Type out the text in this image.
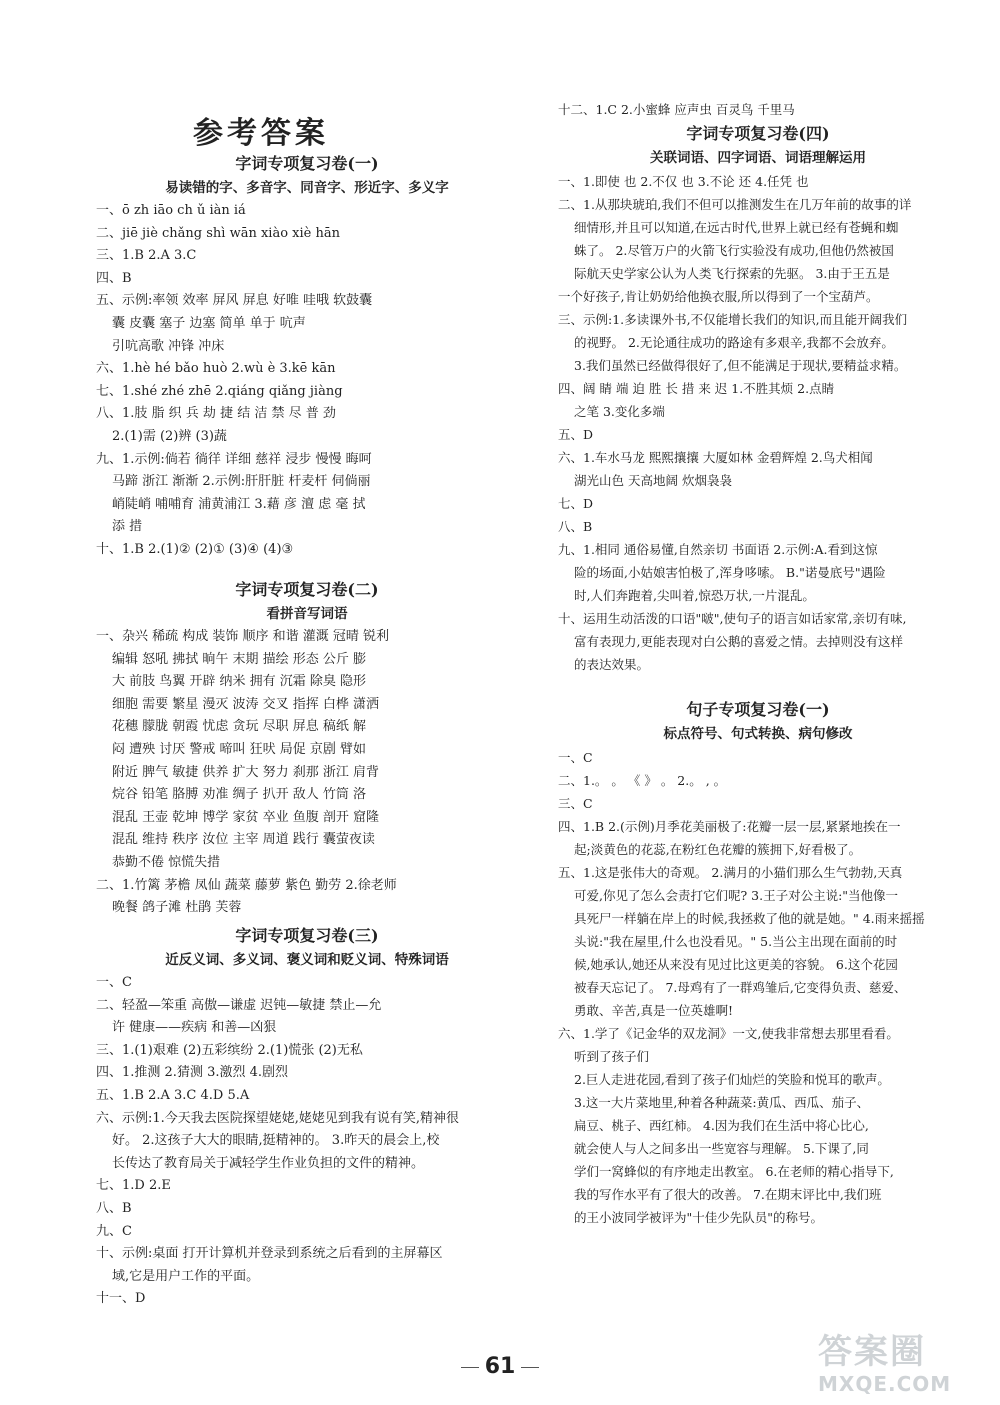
参考答案
字词专项复习卷(一)
易读错的字、多音字、同音字、形近字、多义字
一、ō zh iāo ch ǔ iàn iá
二、jiē jiè chǎng shì wān xiào xiè hān
三、1.B 2.A 3.C
四、B
五、示例:率领 效率 屏风 屏息 好唯 哇哦 软鼓囊
囊 皮囊 塞子 边塞 简单 单于 吭声
引吭高歌 冲锋 冲床
六、1.hè hé bǎo huò 2.wù è 3.kē kān
七、1.shé zhé zhē 2.qiáng qiǎng jiàng
八、1.肢 脂 织 兵 劫 捷 结 洁 禁 尽 普 劲
2.(1)需 (2)辨 (3)蔬
九、1.示例:倘若 徜徉 详细 慈祥 浸步 慢慢 晦呵
马蹄 浙江 渐渐 2.示例:肝肝脏 杆麦杆 伺倘丽
峭陡峭 哺哺育 浦黄浦江 3.藉 彦 澶 虑 毫 拭
添 措
十、1.B 2.(1)② (2)① (3)④ (4)③
字词专项复习卷(二)
看拼音写词语
一、杂兴 稀疏 构成 装饰 顺序 和谐 灌溉 冠晴 锐利
编辑 怒吼 拂拭 晌午 末期 描绘 形态 公斤 膨
大 前肢 鸟翼 开辟 纳米 拥有 沉霜 除臭 隐形
细胞 需要 繁星 漫灭 波涛 交叉 指挥 白桦 潇洒
花穗 朦胧 朝霞 忧虑 贪玩 尽职 屏息 稿纸 解
闷 遭殃 讨厌 警戒 啼叫 狂吠 局促 京剧 臂如
附近 脾气 敏捷 供养 扩大 努力 刹那 浙江 肩背
烷谷 铅笔 胳膊 劝准 绸子 扒开 敌人 竹筒 洛
混乱 王壶 乾坤 博学 家贫 卒业 鱼腹 剖开 窟隆
混乱 维持 秩序 汝位 主宰 周道 践行 囊萤夜读
恭勤不倦 惊慌失措
二、1.竹篱 茅檐 凤仙 蔬菜 藤萝 紫色 勤劳 2.徐老师
晚餐 鸽子滩 杜鹃 芙蓉
字词专项复习卷(三)
近反义词、多义词、褒义词和贬义词、特殊词语
一、C
二、轻盈—笨重 高傲—谦虚 迟钝—敏捷 禁止—允
许 健康——疾病 和善—凶狠
三、1.(1)艰难 (2)五彩缤纷 2.(1)慌张 (2)无私
四、1.推测 2.猜测 3.激烈 4.剧烈
五、1.B 2.A 3.C 4.D 5.A
六、示例:1.今天我去医院探望姥姥,姥姥见到我有说有笑,精神很
好。 2.这孩子大大的眼睛,挺精神的。 3.昨天的晨会上,校
长传达了教育局关于减轻学生作业负担的文件的精神。
七、1.D 2.E
八、B
九、C
十、示例:桌面 打开计算机并登录到系统之后看到的主屏幕区
域,它是用户工作的平面。
十一、D
十二、1.C 2.小蜜蜂 应声虫 百灵鸟 千里马
字词专项复习卷(四)
关联词语、四字词语、词语理解运用
一、1.即使 也 2.不仅 也 3.不论 还 4.任凭 也
二、1.从那块琥珀,我们不但可以推测发生在几万年前的故事的详
细情形,并且可以知道,在远古时代,世界上就已经有苍蝇和蜘
蛛了。 2.尽管万户的火箭飞行实验没有成功,但他仍然被国
际航天史学家公认为人类飞行探索的先驱。 3.由于王五是
一个好孩子,肯让奶奶给他换衣服,所以得到了一个宝葫芦。
三、示例:1.多读课外书,不仅能增长我们的知识,而且能开阔我们
的视野。 2.无论通往成功的路途有多艰辛,我都不会放弃。
3.我们虽然已经做得很好了,但不能满足于现状,要精益求精。
四、阔 睛 端 迫 胜 长 措 来 迟 1.不胜其烦 2.点睛
之笔 3.变化多端
五、D
六、1.车水马龙 熙熙攘攘 大厦如林 金碧辉煌 2.鸟犬相闻
湖光山色 天高地阔 炊烟袅袅
七、D
八、B
九、1.相同 通俗易懂,自然亲切 书面语 2.示例:A.看到这惊
险的场面,小姑娘害怕极了,浑身哆嗦。 B."诺曼底号"遇险
时,人们奔跑着,尖叫着,惊恐万状,一片混乱。
十、运用生动活泼的口语"啵",使句子的语言如话家常,亲切有味,
富有表现力,更能表现对白公鹅的喜爱之情。去掉则没有这样
的表达效果。
句子专项复习卷(一)
标点符号、句式转换、病句修改
一、C
二、1.。 。 《 》 。 2.。 , 。
三、C
四、1.B 2.(示例)月季花美丽极了:花瓣一层一层,紧紧地挨在一
起;淡黄色的花蕊,在粉红色花瓣的簇拥下,好看极了。
五、1.这是张伟大的奇观。 2.满月的小猫们那么生气勃勃,天真
可爱,你见了怎么会责打它们呢? 3.王子对公主说:"当他像一
具死尸一样躺在岸上的时候,我拯救了他的就是她。" 4.雨来摇摇
头说:"我在屋里,什么也没看见。" 5.当公主出现在面前的时
候,她承认,她还从来没有见过比这更美的容貌。 6.这个花园
被春天忘记了。 7.母鸡有了一群鸡雏后,它变得负责、慈爱、
勇敢、辛苦,真是一位英雄啊!
六、1.学了《记金华的双龙洞》一文,使我非常想去那里看看。
听到了孩子们
2.巨人走进花园,看到了孩子们灿烂的笑脸和悦耳的歌声。
3.这一大片菜地里,种着各种蔬菜:黄瓜、西瓜、茄子、
扁豆、桃子、西红柿。 4.因为我们在生活中将心比心,
就会使人与人之间多出一些宽容与理解。 5.下课了,同
学们一窝蜂似的有序地走出教室。 6.在老师的精心指导下,
我的写作水平有了很大的改善。 7.在期末评比中,我们班
的王小波同学被评为"十佳少先队员"的称号。
61	答案圈
MXQE.COM
